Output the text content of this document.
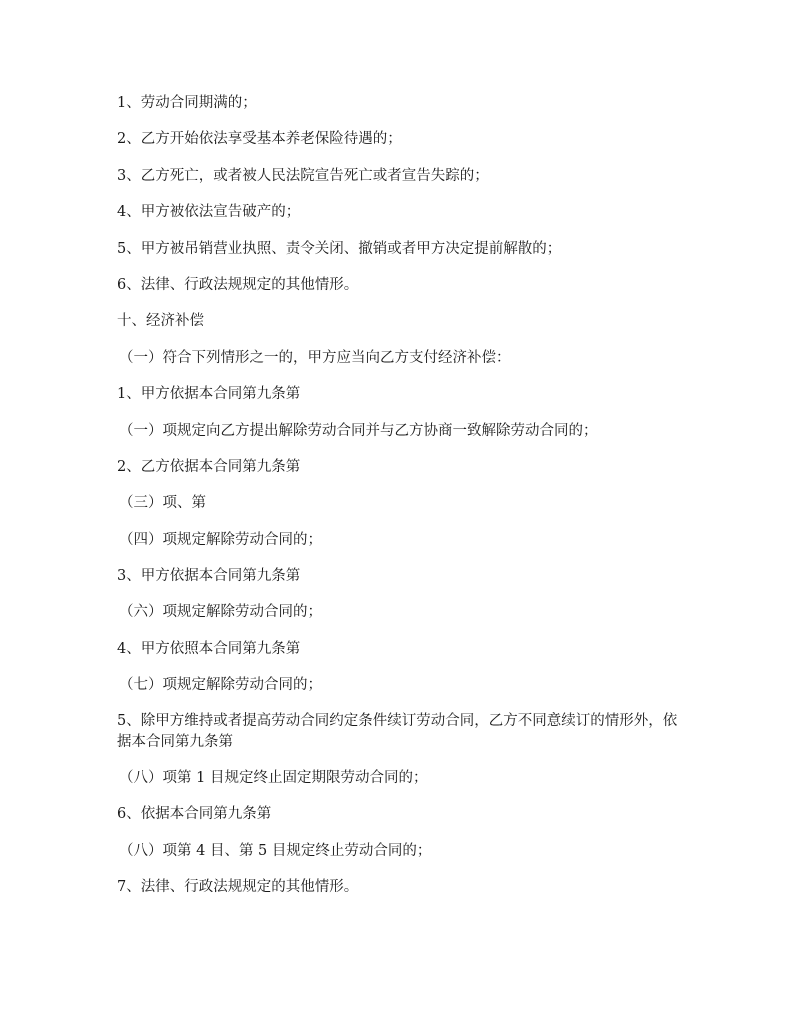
1、劳动合同期满的；
2、乙方开始依法享受基本养老保险待遇的；
3、乙方死亡，或者被人民法院宣告死亡或者宣告失踪的；
4、甲方被依法宣告破产的；
5、甲方被吊销营业执照、责令关闭、撤销或者甲方决定提前解散的；
6、法律、行政法规规定的其他情形。
十、经济补偿
（一）符合下列情形之一的，甲方应当向乙方支付经济补偿：
1、甲方依据本合同第九条第
（一）项规定向乙方提出解除劳动合同并与乙方协商一致解除劳动合同的；
2、乙方依据本合同第九条第
（三）项、第
（四）项规定解除劳动合同的；
3、甲方依据本合同第九条第
（六）项规定解除劳动合同的；
4、甲方依照本合同第九条第
（七）项规定解除劳动合同的；
5、除甲方维持或者提高劳动合同约定条件续订劳动合同，乙方不同意续订的情形外，依据本合同第九条第
（八）项第 1 目规定终止固定期限劳动合同的；
6、依据本合同第九条第
（八）项第 4 目、第 5 目规定终止劳动合同的；
7、法律、行政法规规定的其他情形。
